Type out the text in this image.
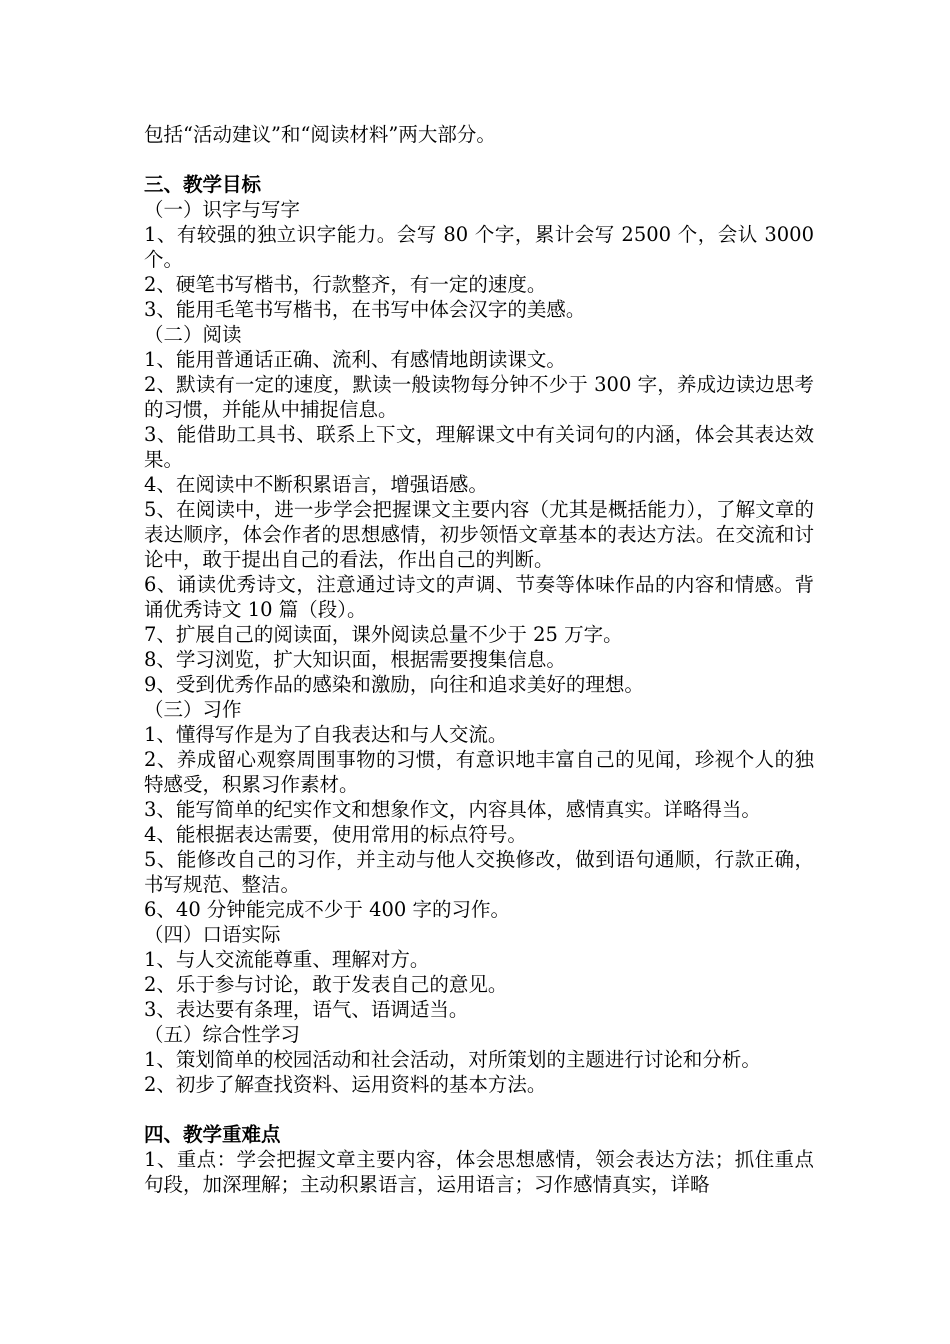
包括“活动建议”和“阅读材料”两大部分。
三、教学目标
（一）识字与写字
1、有较强的独立识字能力。会写 80 个字，累计会写 2500 个，会认 3000 个。
2、硬笔书写楷书，行款整齐，有一定的速度。
3、能用毛笔书写楷书，在书写中体会汉字的美感。
（二）阅读
1、能用普通话正确、流利、有感情地朗读课文。
2、默读有一定的速度，默读一般读物每分钟不少于 300 字，养成边读边思考的习惯，并能从中捕捉信息。
3、能借助工具书、联系上下文，理解课文中有关词句的内涵，体会其表达效果。
4、在阅读中不断积累语言，增强语感。
5、在阅读中，进一步学会把握课文主要内容（尤其是概括能力），了解文章的表达顺序，体会作者的思想感情，初步领悟文章基本的表达方法。在交流和讨论中，敢于提出自己的看法，作出自己的判断。
6、诵读优秀诗文，注意通过诗文的声调、节奏等体味作品的内容和情感。背诵优秀诗文 10 篇（段）。
7、扩展自己的阅读面，课外阅读总量不少于 25 万字。
8、学习浏览，扩大知识面，根据需要搜集信息。
9、受到优秀作品的感染和激励，向往和追求美好的理想。
（三）习作
1、懂得写作是为了自我表达和与人交流。
2、养成留心观察周围事物的习惯，有意识地丰富自己的见闻，珍视个人的独特感受，积累习作素材。
3、能写简单的纪实作文和想象作文，内容具体，感情真实。详略得当。
4、能根据表达需要，使用常用的标点符号。
5、能修改自己的习作，并主动与他人交换修改，做到语句通顺，行款正确，书写规范、整洁。
6、40 分钟能完成不少于 400 字的习作。
（四）口语实际
1、与人交流能尊重、理解对方。
2、乐于参与讨论，敢于发表自己的意见。
3、表达要有条理，语气、语调适当。
（五）综合性学习
1、策划简单的校园活动和社会活动，对所策划的主题进行讨论和分析。
2、初步了解查找资料、运用资料的基本方法。
四、教学重难点
1、重点：学会把握文章主要内容，体会思想感情，领会表达方法；抓住重点句段，加深理解；主动积累语言，运用语言；习作感情真实，详略
